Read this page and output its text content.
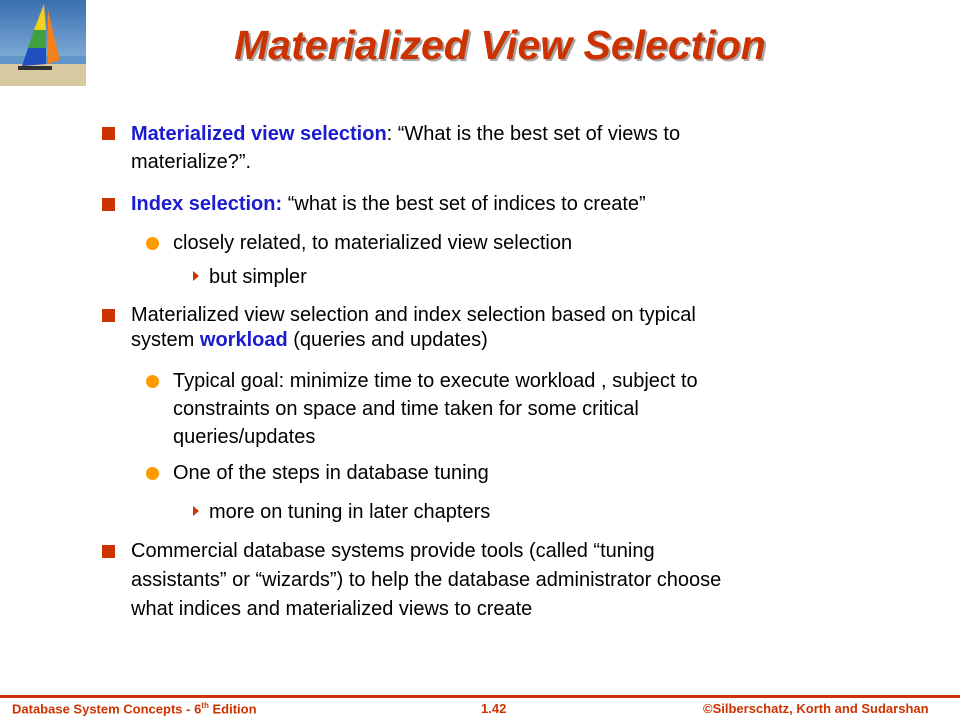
Materialized View Selection
Materialized view selection: “What is the best set of views to
materialize?”.
Index selection: “what is the best set of indices to create”
closely related, to materialized view selection
but simpler
Materialized view selection and index selection based on typical
system workload (queries and updates)
Typical goal: minimize time to execute workload , subject to
constraints on space and time taken for some critical
queries/updates
One of the steps in database tuning
more on tuning in later chapters
Commercial database systems provide tools (called “tuning
assistants” or “wizards”) to help the database administrator choose
what indices and materialized views to create
Database System Concepts - 6th Edition	1.42	©Silberschatz, Korth and Sudarshan
